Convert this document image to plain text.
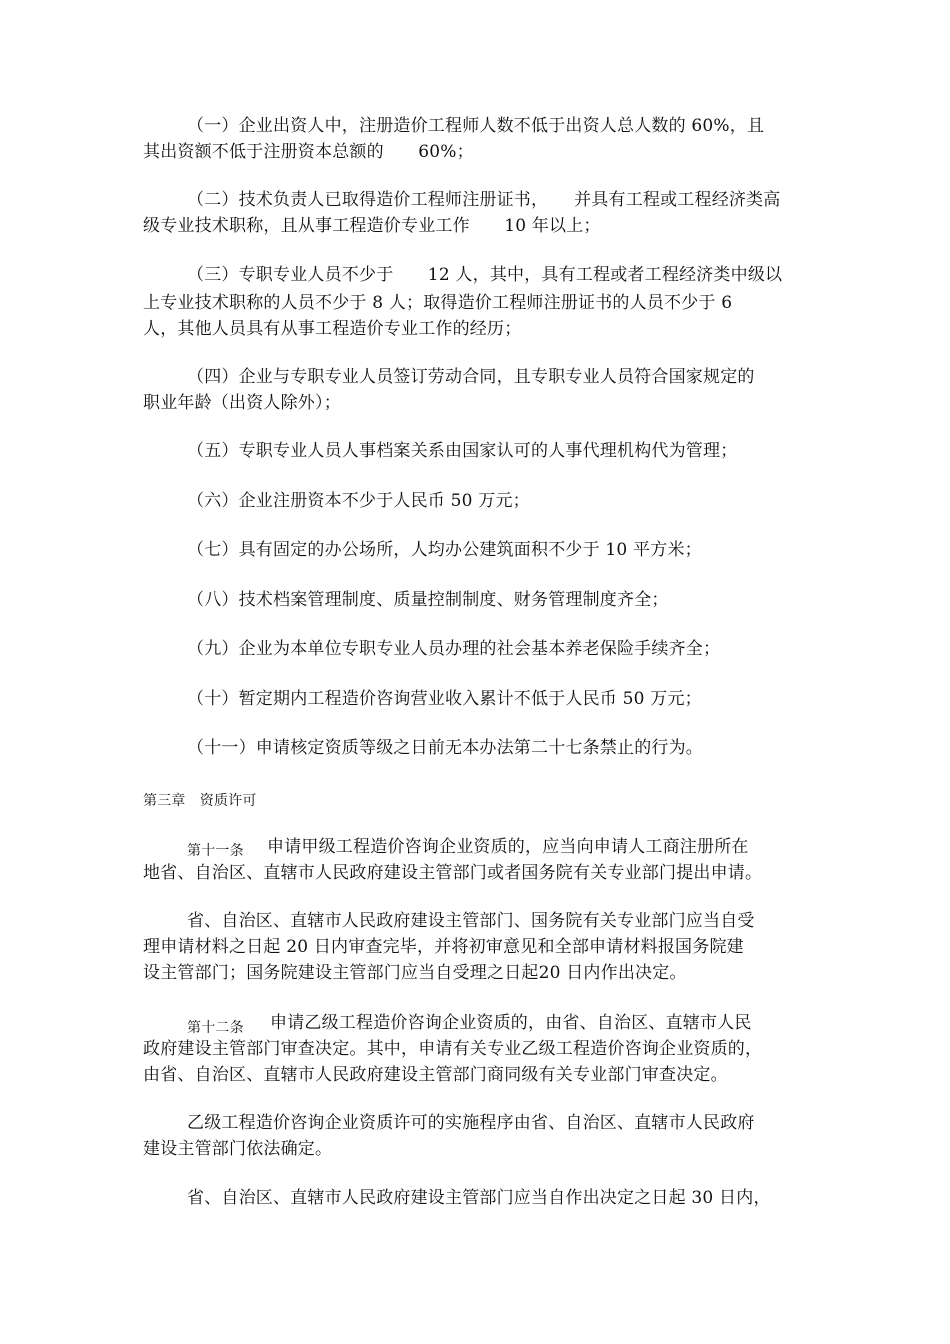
（一）企业出资人中，注册造价工程师人数不低于出资人总人数的 60%，且
其出资额不低于注册资本总额的　　60%；
（二）技术负责人已取得造价工程师注册证书，　　并具有工程或工程经济类高
级专业技术职称，且从事工程造价专业工作　　10 年以上；
（三）专职专业人员不少于　　12 人，其中，具有工程或者工程经济类中级以
上专业技术职称的人员不少于 8 人；取得造价工程师注册证书的人员不少于 6
人，其他人员具有从事工程造价专业工作的经历；
（四）企业与专职专业人员签订劳动合同，且专职专业人员符合国家规定的
职业年龄（出资人除外）；
（五）专职专业人员人事档案关系由国家认可的人事代理机构代为管理；
（六）企业注册资本不少于人民币 50 万元；
（七）具有固定的办公场所，人均办公建筑面积不少于 10 平方米；
（八）技术档案管理制度、质量控制制度、财务管理制度齐全；
（九）企业为本单位专职专业人员办理的社会基本养老保险手续齐全；
（十）暂定期内工程造价咨询营业收入累计不低于人民币 50 万元；
（十一）申请核定资质等级之日前无本办法第二十七条禁止的行为。
第三章　资质许可
第十一条 申请甲级工程造价咨询企业资质的，应当向申请人工商注册所在
地省、自治区、直辖市人民政府建设主管部门或者国务院有关专业部门提出申请。
省、自治区、直辖市人民政府建设主管部门、国务院有关专业部门应当自受
理申请材料之日起 20 日内审查完毕，并将初审意见和全部申请材料报国务院建
设主管部门；国务院建设主管部门应当自受理之日起20 日内作出决定。
第十二条 申请乙级工程造价咨询企业资质的，由省、自治区、直辖市人民
政府建设主管部门审查决定。其中，申请有关专业乙级工程造价咨询企业资质的，
由省、自治区、直辖市人民政府建设主管部门商同级有关专业部门审查决定。
乙级工程造价咨询企业资质许可的实施程序由省、自治区、直辖市人民政府
建设主管部门依法确定。
省、自治区、直辖市人民政府建设主管部门应当自作出决定之日起 30 日内，
